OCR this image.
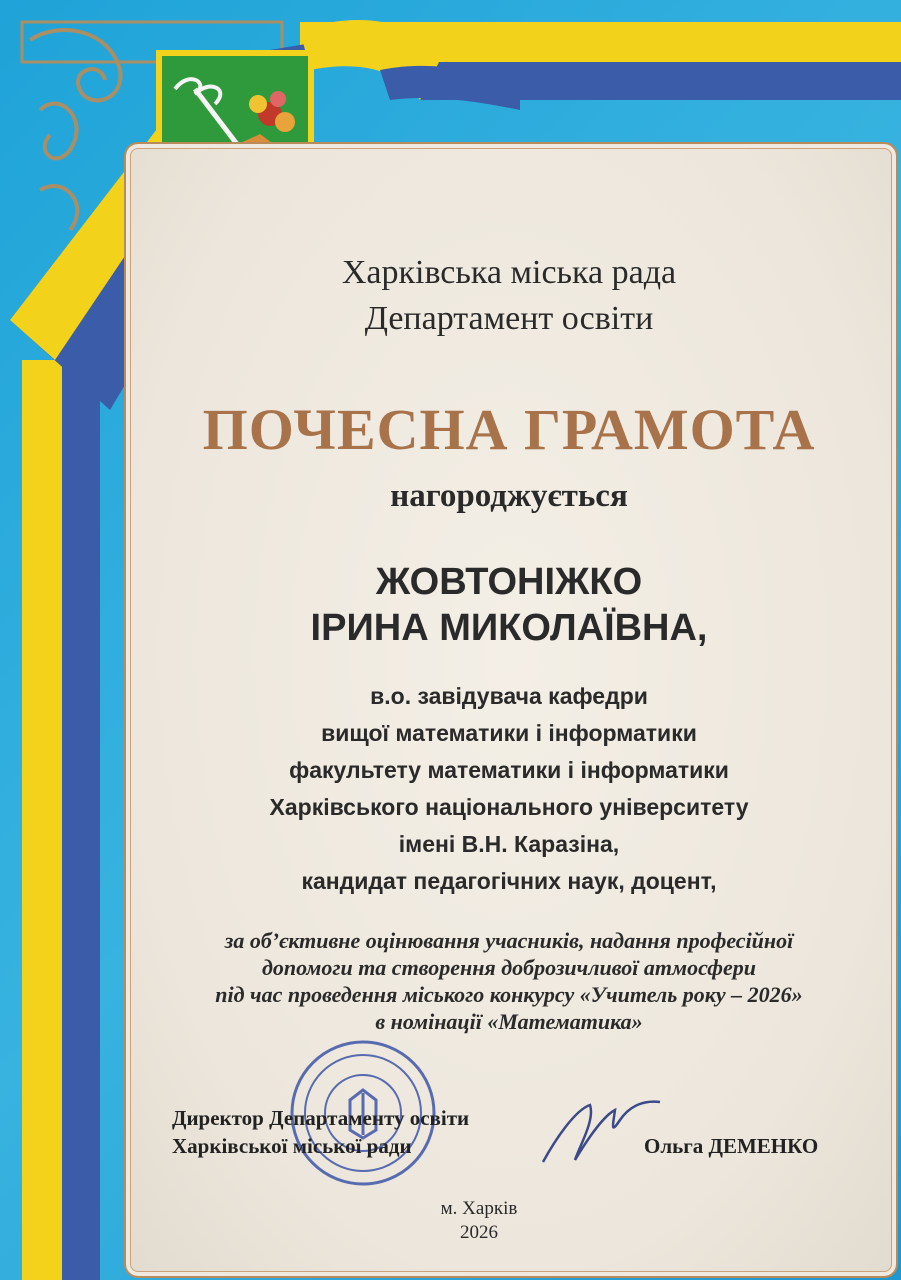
Харківська міська рада
Департамент освіти
ПОЧЕСНА ГРАМОТА
нагороджується
ЖОВТОНІЖКО
ІРИНА МИКОЛАЇВНА,
в.о. завідувача кафедри
вищої математики і інформатики
факультету математики і інформатики
Харківського національного університету
імені В.Н. Каразіна,
кандидат педагогічних наук, доцент,
за об’єктивне оцінювання учасників, надання професійної
допомоги та створення доброзичливої атмосфери
під час проведення міського конкурсу «Учитель року – 2026»
в номінації «Математика»
Директор Департаменту освіти
Харківської міської ради	Ольга ДЕМЕНКО
м. Харків
2026
